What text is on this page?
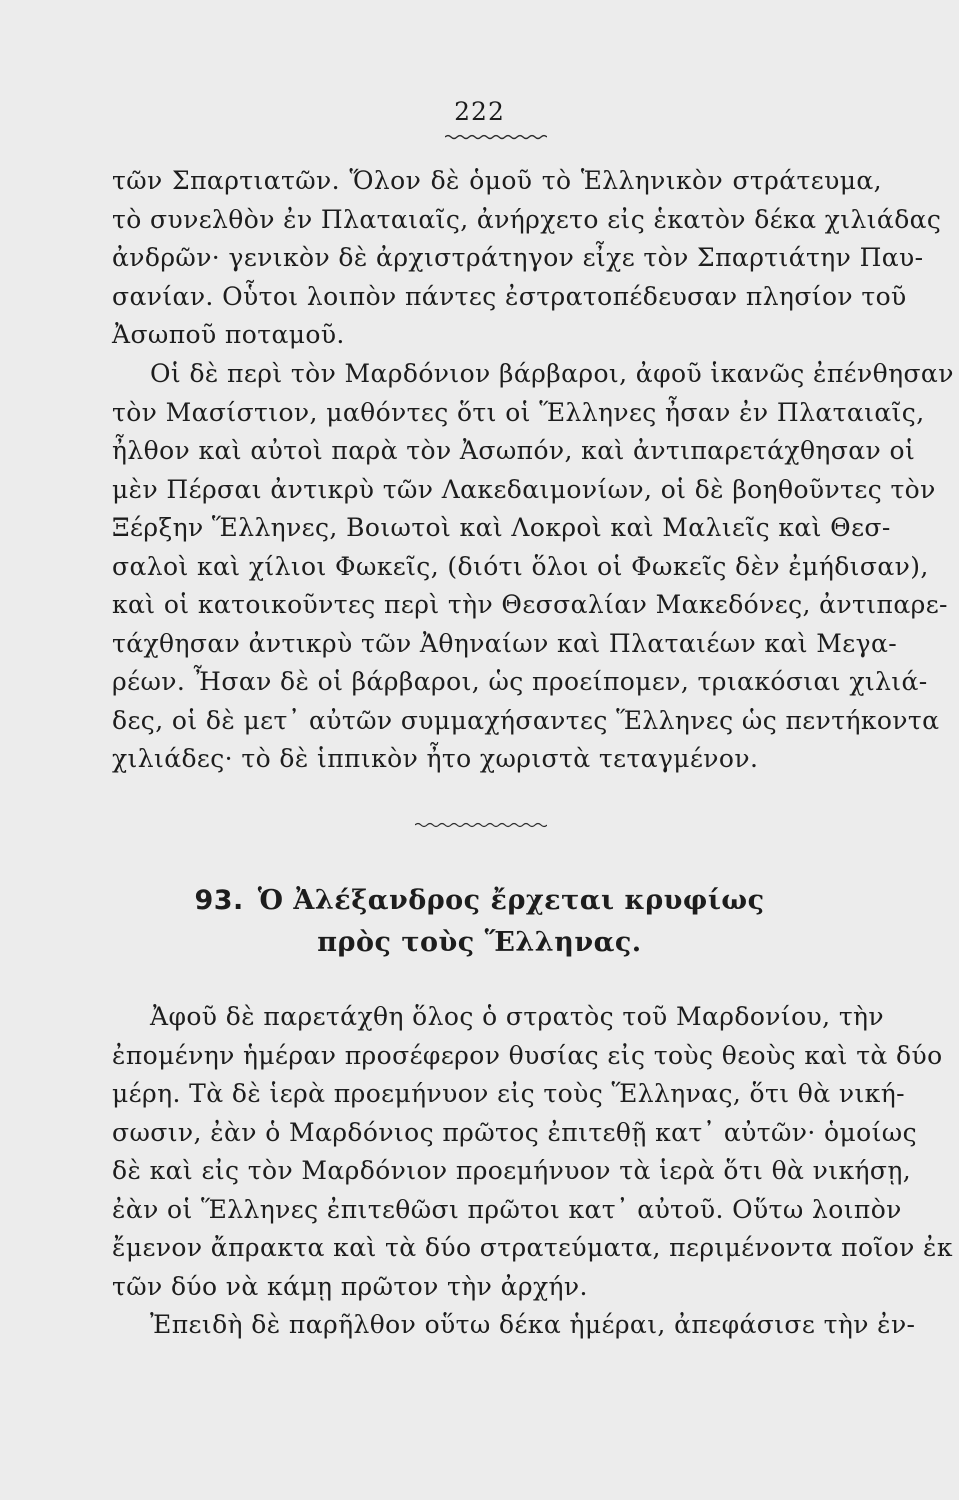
222
τῶν Σπαρτιατῶν. Ὅλον δὲ ὁμοῦ τὸ Ἑλληνικὸν στράτευμα,
τὸ συνελθὸν ἐν Πλαταιαῖς, ἀνήρχετο εἰς ἑκατὸν δέκα χιλιάδας
ἀνδρῶν· γενικὸν δὲ ἀρχιστράτηγον εἶχε τὸν Σπαρτιάτην Παυ-
σανίαν. Οὗτοι λοιπὸν πάντες ἐστρατοπέδευσαν πλησίον τοῦ
Ἀσωποῦ ποταμοῦ.
Οἱ δὲ περὶ τὸν Μαρδόνιον βάρβαροι, ἀφοῦ ἱκανῶς ἐπένθησαν
τὸν Μασίστιον, μαθόντες ὅτι οἱ Ἕλληνες ἦσαν ἐν Πλαταιαῖς,
ἦλθον καὶ αὐτοὶ παρὰ τὸν Ἀσωπόν, καὶ ἀντιπαρετάχθησαν οἱ
μὲν Πέρσαι ἀντικρὺ τῶν Λακεδαιμονίων, οἱ δὲ βοηθοῦντες τὸν
Ξέρξην Ἕλληνες, Βοιωτοὶ καὶ Λοκροὶ καὶ Μαλιεῖς καὶ Θεσ-
σαλοὶ καὶ χίλιοι Φωκεῖς, (διότι ὅλοι οἱ Φωκεῖς δὲν ἐμήδισαν),
καὶ οἱ κατοικοῦντες περὶ τὴν Θεσσαλίαν Μακεδόνες, ἀντιπαρε-
τάχθησαν ἀντικρὺ τῶν Ἀθηναίων καὶ Πλαταιέων καὶ Μεγα-
ρέων. Ἦσαν δὲ οἱ βάρβαροι, ὡς προείπομεν, τριακόσιαι χιλιά-
δες, οἱ δὲ μετ᾽ αὐτῶν συμμαχήσαντες Ἕλληνες ὡς πεντήκοντα
χιλιάδες· τὸ δὲ ἱππικὸν ἦτο χωριστὰ τεταγμένον.
93. Ὁ Ἀλέξανδρος ἔρχεται κρυφίως
πρὸς τοὺς Ἕλληνας.
Ἀφοῦ δὲ παρετάχθη ὅλος ὁ στρατὸς τοῦ Μαρδονίου, τὴν
ἐπομένην ἡμέραν προσέφερον θυσίας εἰς τοὺς θεοὺς καὶ τὰ δύο
μέρη. Τὰ δὲ ἱερὰ προεμήνυον εἰς τοὺς Ἕλληνας, ὅτι θὰ νική-
σωσιν, ἐὰν ὁ Μαρδόνιος πρῶτος ἐπιτεθῇ κατ᾽ αὐτῶν· ὁμοίως
δὲ καὶ εἰς τὸν Μαρδόνιον προεμήνυον τὰ ἱερὰ ὅτι θὰ νικήσῃ,
ἐὰν οἱ Ἕλληνες ἐπιτεθῶσι πρῶτοι κατ᾽ αὐτοῦ. Οὕτω λοιπὸν
ἔμενον ἄπρακτα καὶ τὰ δύο στρατεύματα, περιμένοντα ποῖον ἐκ
τῶν δύο νὰ κάμῃ πρῶτον τὴν ἀρχήν.
Ἐπειδὴ δὲ παρῆλθον οὕτω δέκα ἡμέραι, ἀπεφάσισε τὴν ἐν-
